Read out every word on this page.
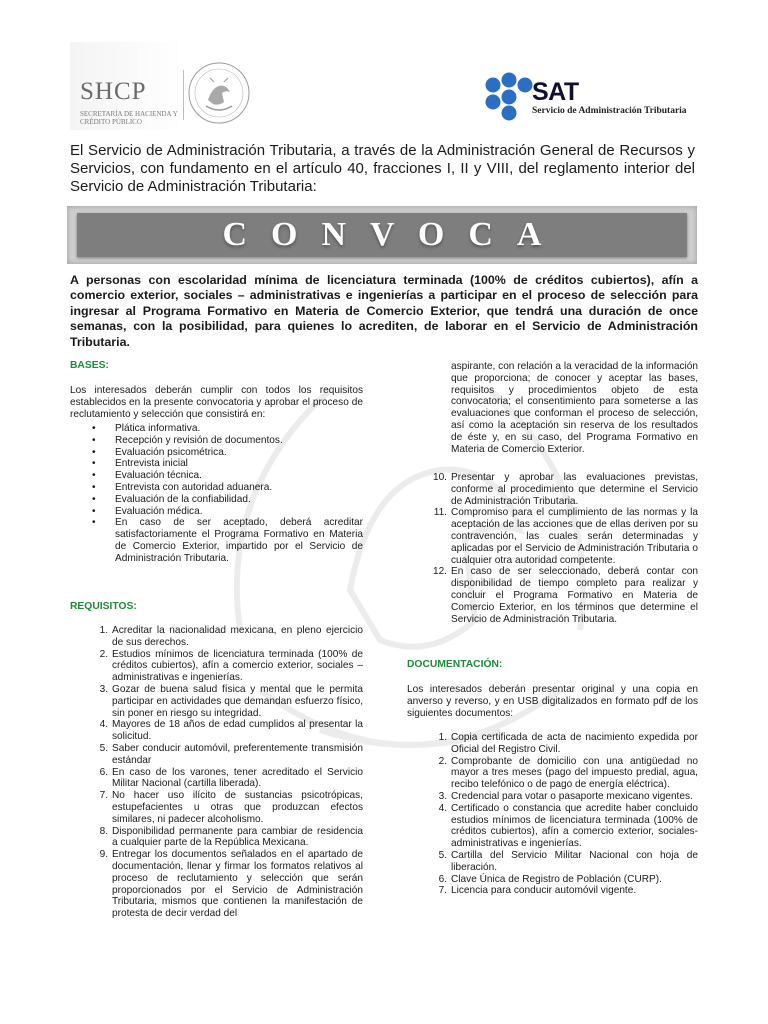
SHCP
SECRETARÍA DE HACIENDA Y CRÉDITO PÚBLICO
SAT
Servicio de Administración Tributaria

El Servicio de Administración Tributaria, a través de la Administración General de Recursos y Servicios, con fundamento en el artículo 40, fracciones I, II y VIII, del reglamento interior del Servicio de Administración Tributaria:

CONVOCA

A personas con escolaridad mínima de licenciatura terminada (100% de créditos cubiertos), afín a comercio exterior, sociales – administrativas e ingenierías a participar en el proceso de selección para ingresar al Programa Formativo en Materia de Comercio Exterior, que tendrá una duración de once semanas, con la posibilidad, para quienes lo acrediten, de laborar en el Servicio de Administración Tributaria.

BASES:

Los interesados deberán cumplir con todos los requisitos establecidos en la presente convocatoria y aprobar el proceso de reclutamiento y selección que consistirá en:

•	Plática informativa.
•	Recepción y revisión de documentos.
•	Evaluación psicométrica.
•	Entrevista inicial
•	Evaluación técnica.
•	Entrevista con autoridad aduanera.
•	Evaluación de la confiabilidad.
•	Evaluación médica.
•	En caso de ser aceptado, deberá acreditar satisfactoriamente el Programa Formativo en Materia de Comercio Exterior, impartido por el Servicio de Administración Tributaria.
REQUISITOS:
1. Acreditar la nacionalidad mexicana, en pleno ejercicio de sus derechos.
2. Estudios mínimos de licenciatura terminada (100% de créditos cubiertos), afín a comercio exterior, sociales – administrativas e ingenierías.
3. Gozar de buena salud física y mental que le permita participar en actividades que demandan esfuerzo físico, sin poner en riesgo su integridad.
4. Mayores de 18 años de edad cumplidos al presentar la solicitud.
5. Saber conducir automóvil, preferentemente transmisión estándar
6. En caso de los varones, tener acreditado el Servicio Militar Nacional (cartilla liberada).
7. No hacer uso ilícito de sustancias psicotrópicas, estupefacientes u otras que produzcan efectos similares, ni padecer alcoholismo.
8. Disponibilidad permanente para cambiar de residencia a cualquier parte de la República Mexicana.
9. Entregar los documentos señalados en el apartado de documentación, llenar y firmar los formatos relativos al proceso de reclutamiento y selección que serán proporcionados por el Servicio de Administración Tributaria, mismos que contienen la manifestación de protesta de decir verdad del

aspirante, con relación a la veracidad de la información que proporciona; de conocer y aceptar las bases, requisitos y procedimientos objeto de esta convocatoria; el consentimiento para someterse a las evaluaciones que conforman el proceso de selección, así como la aceptación sin reserva de los resultados de éste y, en su caso, del Programa Formativo en Materia de Comercio Exterior.

10. Presentar y aprobar las evaluaciones previstas, conforme al procedimiento que determine el Servicio de Administración Tributaria.
11. Compromiso para el cumplimiento de las normas y la aceptación de las acciones que de ellas deriven por su contravención, las cuales serán determinadas y aplicadas por el Servicio de Administración Tributaria o cualquier otra autoridad competente.
12. En caso de ser seleccionado, deberá contar con disponibilidad de tiempo completo para realizar y concluir el Programa Formativo en Materia de Comercio Exterior, en los términos que determine el Servicio de Administración Tributaria.
DOCUMENTACIÓN:

Los interesados deberán presentar original y una copia en anverso y reverso, y en USB digitalizados en formato pdf de los siguientes documentos:

1. Copia certificada de acta de nacimiento expedida por Oficial del Registro Civil.
2. Comprobante de domicilio con una antigüedad no mayor a tres meses (pago del impuesto predial, agua, recibo telefónico o de pago de energía eléctrica).
3. Credencial para votar o pasaporte mexicano vigentes.
4. Certificado o constancia que acredite haber concluido estudios mínimos de licenciatura terminada (100% de créditos cubiertos), afín a comercio exterior, sociales-administrativas e ingenierías.
5. Cartilla del Servicio Militar Nacional con hoja de liberación.
6. Clave Única de Registro de Población (CURP).
7. Licencia para conducir automóvil vigente.
